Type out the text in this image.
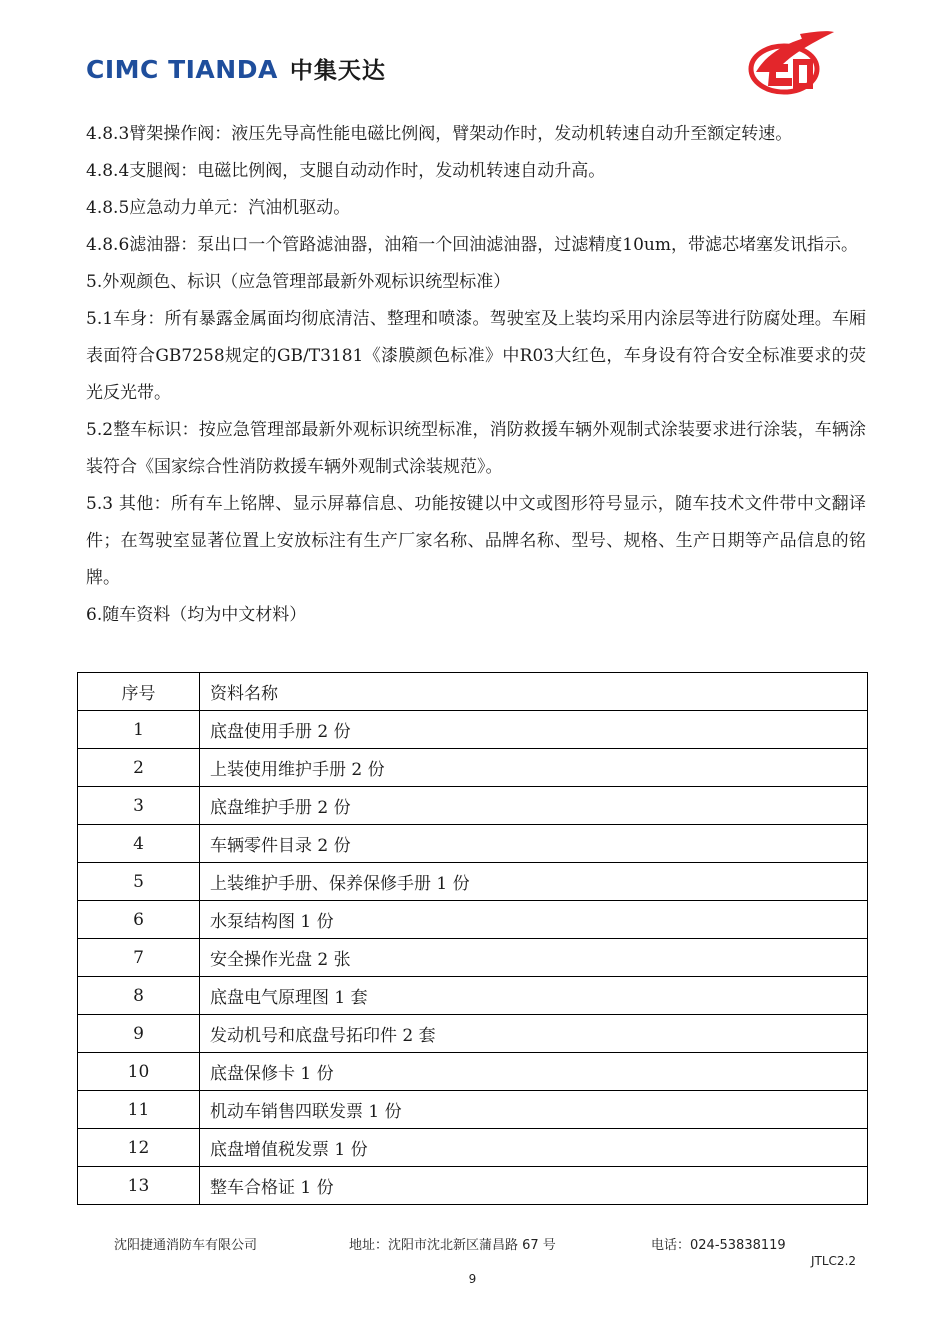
CIMC TIANDA 中集天达

4.8.3臂架操作阀：液压先导高性能电磁比例阀，臂架动作时，发动机转速自动升至额定转速。

4.8.4支腿阀：电磁比例阀，支腿自动动作时，发动机转速自动升高。

4.8.5应急动力单元：汽油机驱动。

4.8.6滤油器：泵出口一个管路滤油器，油箱一个回油滤油器，过滤精度10um，带滤芯堵塞发讯指示。

5.外观颜色、标识（应急管理部最新外观标识统型标准）

5.1车身：所有暴露金属面均彻底清洁、整理和喷漆。驾驶室及上装均采用内涂层等进行防腐处理。车厢表面符合GB7258规定的GB/T3181《漆膜颜色标准》中R03大红色，车身设有符合安全标准要求的荧光反光带。

5.2整车标识：按应急管理部最新外观标识统型标准，消防救援车辆外观制式涂装要求进行涂装，车辆涂装符合《国家综合性消防救援车辆外观制式涂装规范》。

5.3 其他：所有车上铭牌、显示屏幕信息、功能按键以中文或图形符号显示，随车技术文件带中文翻译件；在驾驶室显著位置上安放标注有生产厂家名称、品牌名称、型号、规格、生产日期等产品信息的铭牌。

6.随车资料（均为中文材料）

序号	资料名称
1	底盘使用手册 2 份
2	上装使用维护手册 2 份
3	底盘维护手册 2 份
4	车辆零件目录 2 份
5	上装维护手册、保养保修手册 1 份
6	水泵结构图 1 份
7	安全操作光盘 2 张
8	底盘电气原理图 1 套
9	发动机号和底盘号拓印件 2 套
10	底盘保修卡 1 份
11	机动车销售四联发票 1 份
12	底盘增值税发票 1 份
13	整车合格证 1 份
沈阳捷通消防车有限公司	地址：沈阳市沈北新区蒲昌路 67 号	电话：024-53838119
JTLC2.2
9
